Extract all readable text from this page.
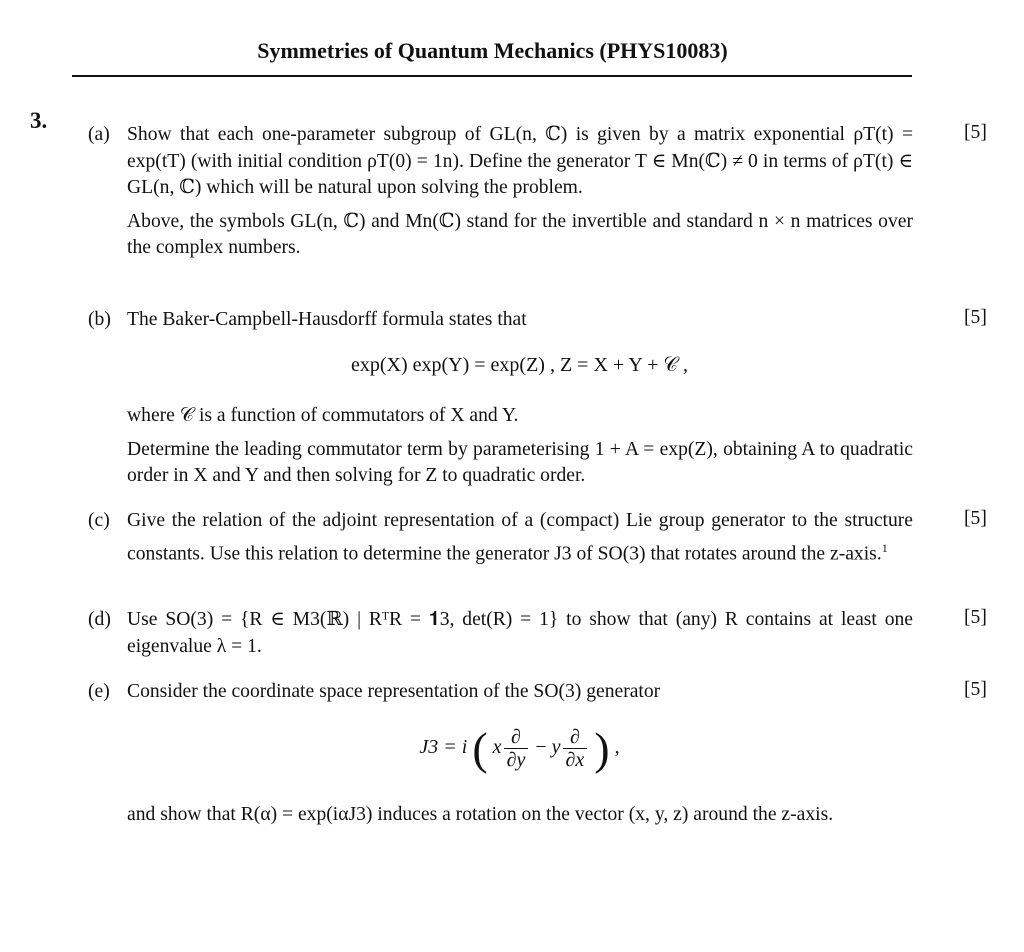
Symmetries of Quantum Mechanics (PHYS10083)
3.
(a) Show that each one-parameter subgroup of GL(n, ℂ) is given by a matrix exponential ρT(t) = exp(tT) (with initial condition ρT(0) = 1n). Define the generator T ∈ Mn(ℂ) ≠ 0 in terms of ρT(t) ∈ GL(n, ℂ) which will be natural upon solving the problem.

Above, the symbols GL(n, ℂ) and Mn(ℂ) stand for the invertible and standard n × n matrices over the complex numbers.

[5]
(b) The Baker-Campbell-Hausdorff formula states that	[5]
exp(X) exp(Y) = exp(Z) , Z = X + Y + 𝒞 ,

where 𝒞 is a function of commutators of X and Y.

Determine the leading commutator term by parameterising 1 + A = exp(Z), obtaining A to quadratic order in X and Y and then solving for Z to quadratic order.

(c) Give the relation of the adjoint representation of a (compact) Lie group generator to the structure constants. Use this relation to determine the generator J3 of SO(3) that rotates around the z-axis.$^1$

[5]
(d) Use SO(3) = {R ∈ M3(ℝ) | RᵀR = 𝟏3, det(R) = 1} to show that (any) R contains at least one eigenvalue λ = 1.

[5]
(e) Consider the coordinate space representation of the SO(3) generator	[5]
J3 = i ( x $\frac{\partial}{\partial y} - y \frac{\partial}{\partial x}$ ) ,

and show that R(α) = exp(iαJ3) induces a rotation on the vector (x, y, z) around the z-axis.
